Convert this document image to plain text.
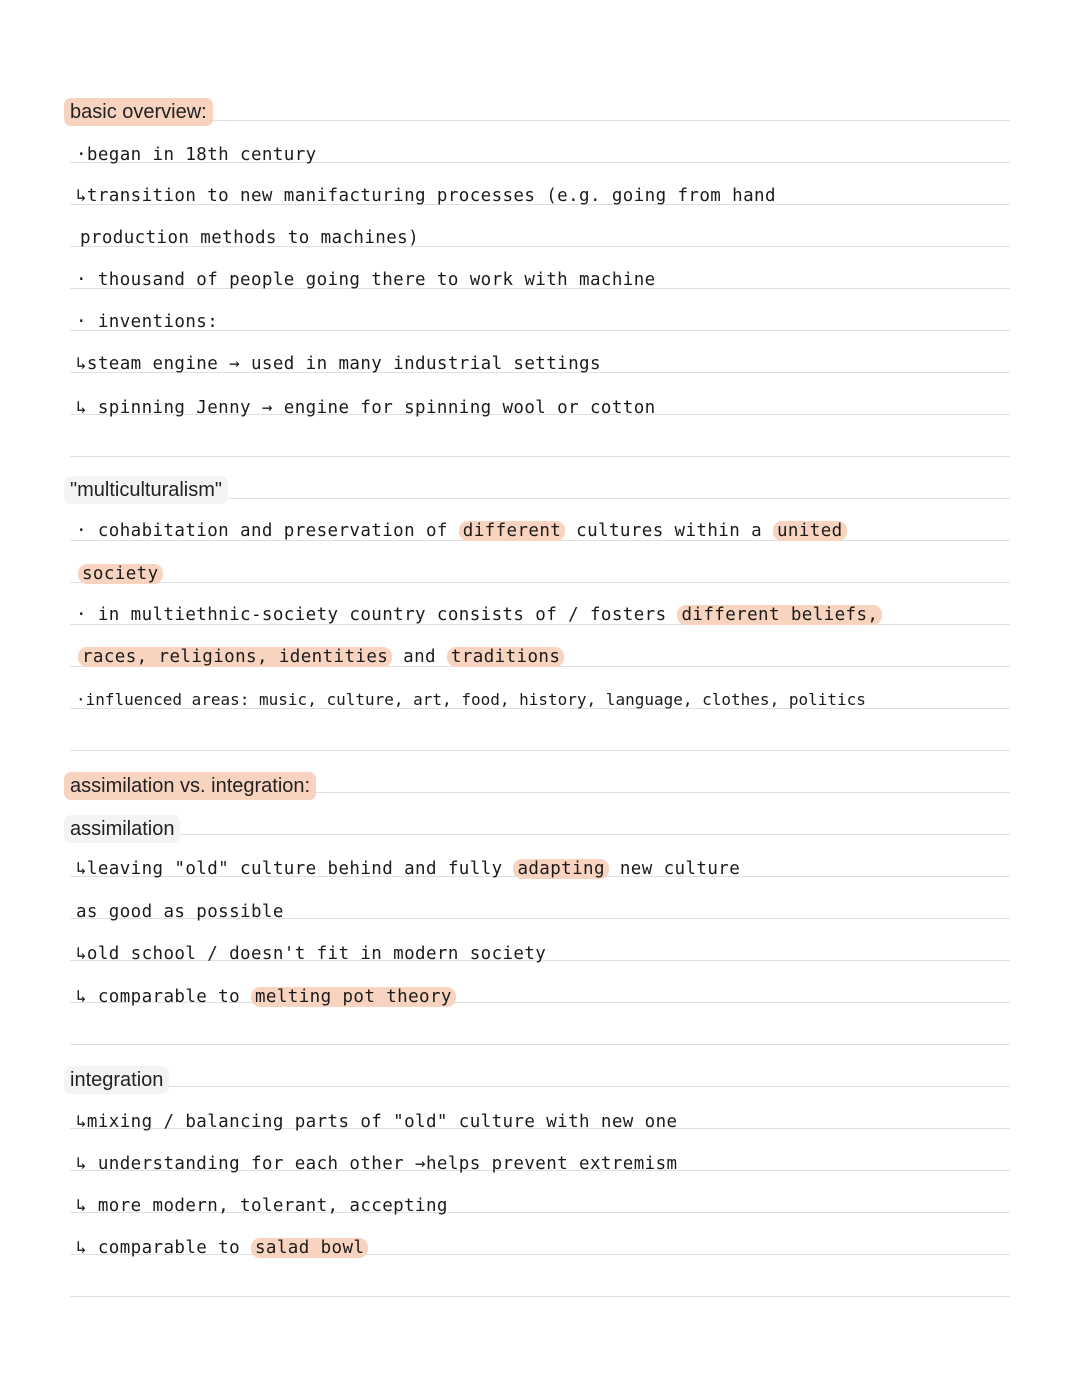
basic overview:
·began in 18th century
↳transition to new manifacturing processes (e.g. going from hand
production methods to machines)
· thousand of people going there to work with machine
· inventions:
↳steam engine → used in many industrial settings
↳ spinning Jenny → engine for spinning wool or cotton
"multiculturalism"
· cohabitation and preservation of different cultures within a united
society
· in multiethnic-society country consists of / fosters different beliefs,
races, religions, identities and traditions
·influenced areas: music, culture, art, food, history, language, clothes, politics
assimilation vs. integration:
assimilation
↳leaving "old" culture behind and fully adapting new culture
as good as possible
↳old school / doesn't fit in modern society
↳ comparable to melting pot theory
integration
↳mixing / balancing parts of "old" culture with new one
↳ understanding for each other →helps prevent extremism
↳ more modern, tolerant, accepting
↳ comparable to salad bowl
